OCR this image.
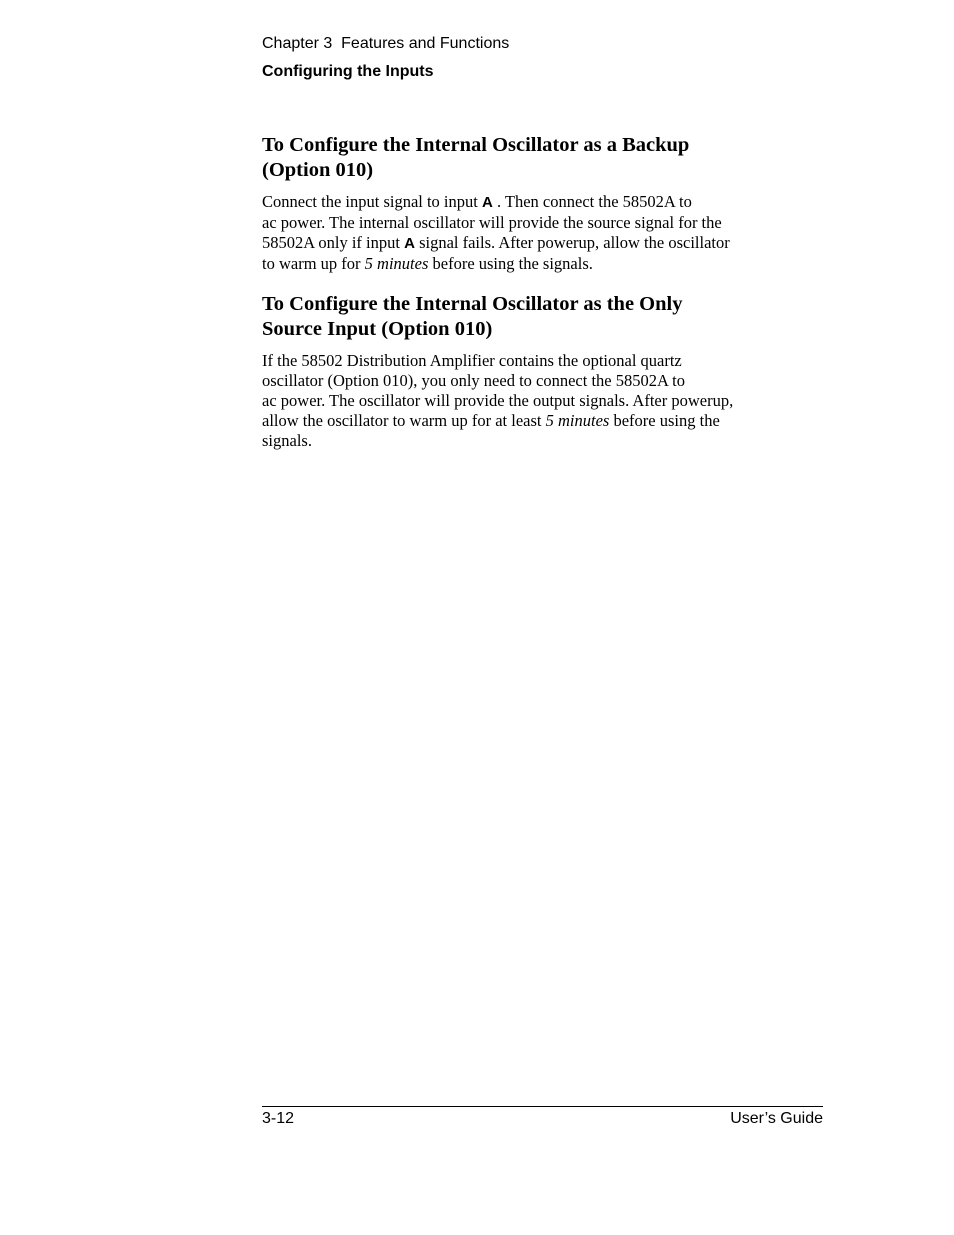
Chapter 3  Features and Functions
Configuring the Inputs
To Configure the Internal Oscillator as a Backup
(Option 010)

Connect the input signal to input A . Then connect the 58502A to
ac power. The internal oscillator will provide the source signal for the
58502A only if input A signal fails. After powerup, allow the oscillator
to warm up for 5 minutes before using the signals.

To Configure the Internal Oscillator as the Only
Source Input (Option 010)

If the 58502 Distribution Amplifier contains the optional quartz
oscillator (Option 010), you only need to connect the 58502A to
ac power. The oscillator will provide the output signals. After powerup,
allow the oscillator to warm up for at least 5 minutes before using the
signals.

3-12	User’s Guide
